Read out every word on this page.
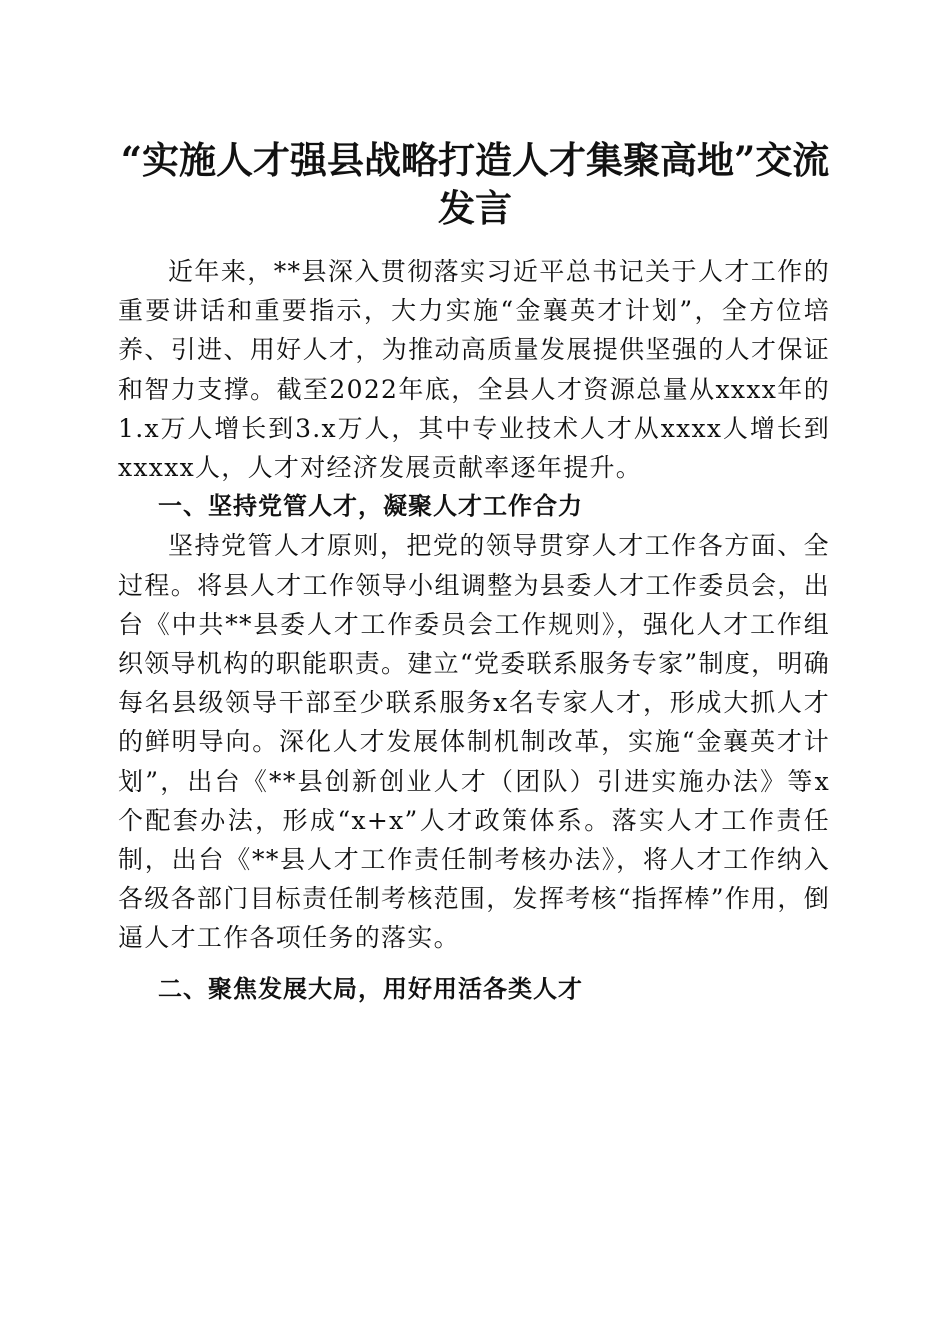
“实施人才强县战略打造人才集聚高地”交流
发言

近年来，**县深入贯彻落实习近平总书记关于人才工作的重要讲话和重要指示，大力实施“金襄英才计划”，全方位培养、引进、用好人才，为推动高质量发展提供坚强的人才保证和智力支撑。截至2022年底，全县人才资源总量从xxxx年的1.x万人增长到3.x万人，其中专业技术人才从xxxx人增长到xxxxx人，人才对经济发展贡献率逐年提升。

一、坚持党管人才，凝聚人才工作合力

坚持党管人才原则，把党的领导贯穿人才工作各方面、全过程。将县人才工作领导小组调整为县委人才工作委员会，出台《中共**县委人才工作委员会工作规则》，强化人才工作组织领导机构的职能职责。建立“党委联系服务专家”制度，明确每名县级领导干部至少联系服务x名专家人才，形成大抓人才的鲜明导向。深化人才发展体制机制改革，实施“金襄英才计划”，出台《**县创新创业人才（团队）引进实施办法》等x个配套办法，形成“x+x”人才政策体系。落实人才工作责任制，出台《**县人才工作责任制考核办法》，将人才工作纳入各级各部门目标责任制考核范围，发挥考核“指挥棒”作用，倒逼人才工作各项任务的落实。

二、聚焦发展大局，用好用活各类人才
